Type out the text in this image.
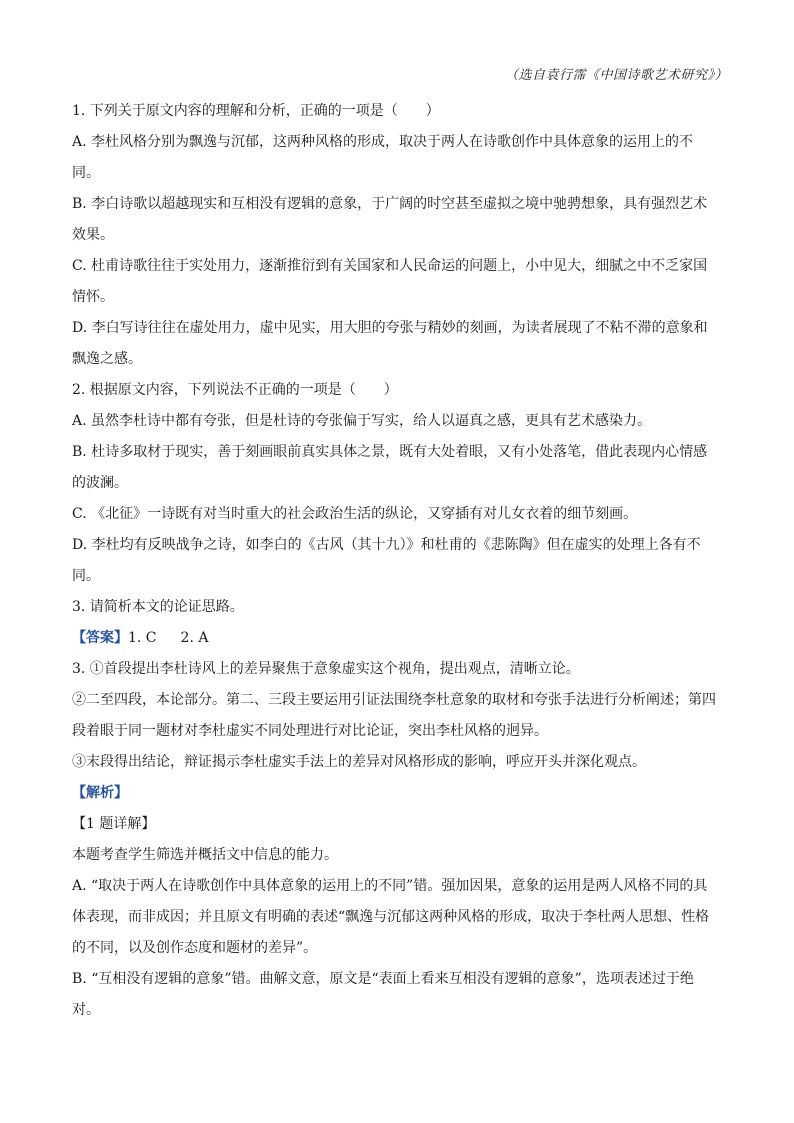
（选自袁行霈《中国诗歌艺术研究》）

1. 下列关于原文内容的理解和分析，正确的一项是（　　）

A. 李杜风格分别为飘逸与沉郁，这两种风格的形成，取决于两人在诗歌创作中具体意象的运用上的不

同。

B. 李白诗歌以超越现实和互相没有逻辑的意象，于广阔的时空甚至虚拟之境中驰骋想象，具有强烈艺术

效果。

C. 杜甫诗歌往往于实处用力，逐渐推衍到有关国家和人民命运的问题上，小中见大，细腻之中不乏家国

情怀。

D. 李白写诗往往在虚处用力，虚中见实，用大胆的夸张与精妙的刻画，为读者展现了不粘不滞的意象和

飘逸之感。

2. 根据原文内容，下列说法不正确的一项是（　　）

A. 虽然李杜诗中都有夸张，但是杜诗的夸张偏于写实，给人以逼真之感，更具有艺术感染力。

B. 杜诗多取材于现实，善于刻画眼前真实具体之景，既有大处着眼，又有小处落笔，借此表现内心情感

的波澜。

C. 《北征》一诗既有对当时重大的社会政治生活的纵论，又穿插有对儿女衣着的细节刻画。

D. 李杜均有反映战争之诗，如李白的《古风（其十九）》和杜甫的《悲陈陶》但在虚实的处理上各有不

同。

3. 请简析本文的论证思路。

【答案】1. C 2. A

3. ①首段提出李杜诗风上的差异聚焦于意象虚实这个视角，提出观点，清晰立论。

②二至四段，本论部分。第二、三段主要运用引证法围绕李杜意象的取材和夸张手法进行分析阐述；第四

段着眼于同一题材对李杜虚实不同处理进行对比论证，突出李杜风格的迥异。

③末段得出结论，辩证揭示李杜虚实手法上的差异对风格形成的影响，呼应开头并深化观点。

【解析】

【1 题详解】

本题考查学生筛选并概括文中信息的能力。

A. “取决于两人在诗歌创作中具体意象的运用上的不同”错。强加因果，意象的运用是两人风格不同的具

体表现，而非成因；并且原文有明确的表述“飘逸与沉郁这两种风格的形成，取决于李杜两人思想、性格

的不同，以及创作态度和题材的差异”。

B. “互相没有逻辑的意象”错。曲解文意，原文是“表面上看来互相没有逻辑的意象”，选项表述过于绝

对。
